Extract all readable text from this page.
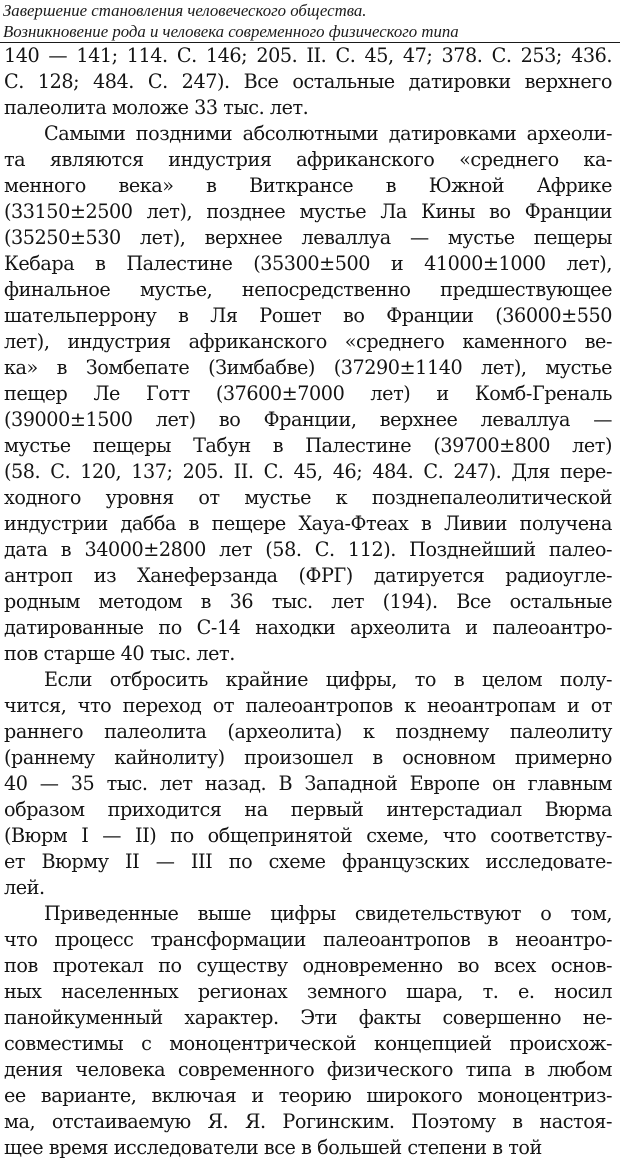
Завершение становления человеческого общества.
Возникновение рода и человека современного физического типа

140 — 141; 114. С. 146; 205. II. С. 45, 47; 378. С. 253; 436.
С. 128; 484. С. 247). Все остальные датировки верхнего
палеолита моложе 33 тыс. лет.

Самыми поздними абсолютными датировками археоли-
та являются индустрия африканского «среднего ка-
менного века» в Виткрансе в Южной Африке
(33150±2500 лет), позднее мустье Ла Кины во Франции
(35250±530 лет), верхнее леваллуа — мустье пещеры
Кебара в Палестине (35300±500 и 41000±1000 лет),
финальное мустье, непосредственно предшествующее
шательперрону в Ля Рошет во Франции (36000±550
лет), индустрия африканского «среднего каменного ве-
ка» в Зомбепате (Зимбабве) (37290±1140 лет), мустье
пещер Ле Готт (37600±7000 лет) и Комб-Греналь
(39000±1500 лет) во Франции, верхнее леваллуа —
мустье пещеры Табун в Палестине (39700±800 лет)
(58. С. 120, 137; 205. II. С. 45, 46; 484. С. 247). Для пере-
ходного уровня от мустье к позднепалеолитической
индустрии дабба в пещере Хауа-Фтеах в Ливии получена
дата в 34000±2800 лет (58. С. 112). Позднейший палео-
антроп из Ханеферзанда (ФРГ) датируется радиоугле-
родным методом в 36 тыс. лет (194). Все остальные
датированные по С-14 находки археолита и палеоантро-
пов старше 40 тыс. лет.

Если отбросить крайние цифры, то в целом полу-
чится, что переход от палеоантропов к неоантропам и от
раннего палеолита (археолита) к позднему палеолиту
(раннему кайнолиту) произошел в основном примерно
40 — 35 тыс. лет назад. В Западной Европе он главным
образом приходится на первый интерстадиал Вюрма
(Вюрм I — II) по общепринятой схеме, что соответству-
ет Вюрму II — III по схеме французских исследовате-
лей.

Приведенные выше цифры свидетельствуют о том,
что процесс трансформации палеоантропов в неоантро-
пов протекал по существу одновременно во всех основ-
ных населенных регионах земного шара, т. е. носил
панойкуменный характер. Эти факты совершенно не-
совместимы с моноцентрической концепцией происхож-
дения человека современного физического типа в любом
ее варианте, включая и теорию широкого моноцентриз-
ма, отстаиваемую Я. Я. Рогинским. Поэтому в настоя-
щее время исследователи все в большей степени в той
